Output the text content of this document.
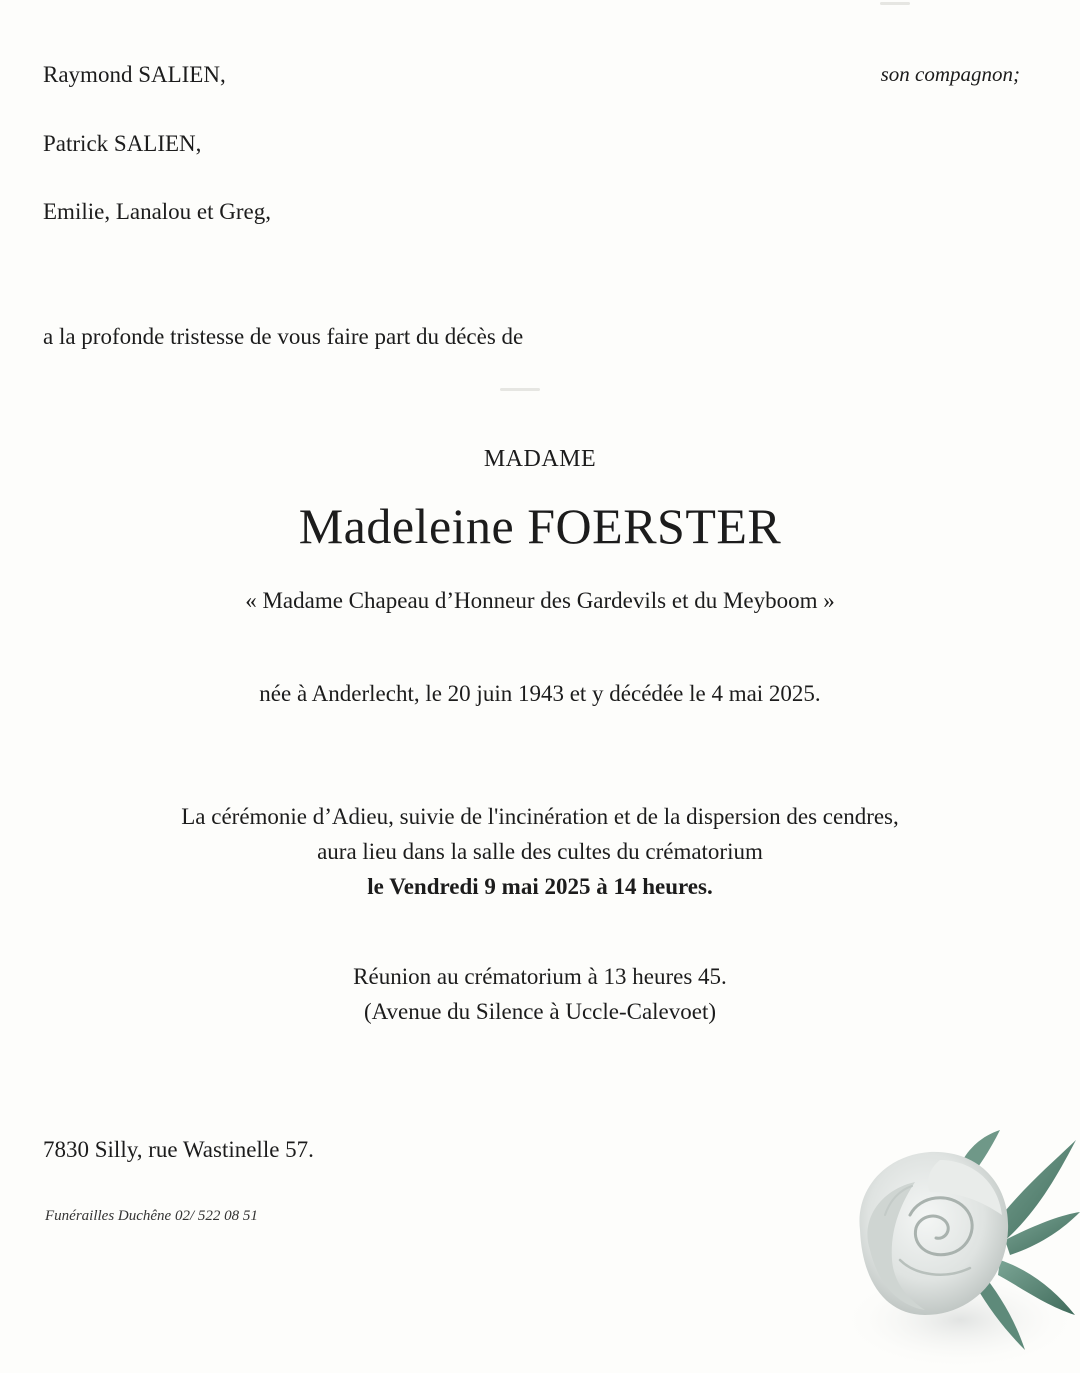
Raymond SALIEN,	son compagnon;
Patrick SALIEN,
Emilie, Lanalou et Greg,
a la profonde tristesse de vous faire part du décès de
MADAME
Madeleine FOERSTER
« Madame Chapeau d’Honneur des Gardevils et du Meyboom »
née à Anderlecht, le 20 juin 1943 et y décédée le 4 mai 2025.
La cérémonie d’Adieu, suivie de l'incinération et de la dispersion des cendres,
aura lieu dans la salle des cultes du crématorium
le Vendredi 9 mai 2025 à 14 heures.
Réunion au crématorium à 13 heures 45.
(Avenue du Silence à Uccle-Calevoet)
7830 Silly, rue Wastinelle 57.
Funérailles Duchêne 02/ 522 08 51
